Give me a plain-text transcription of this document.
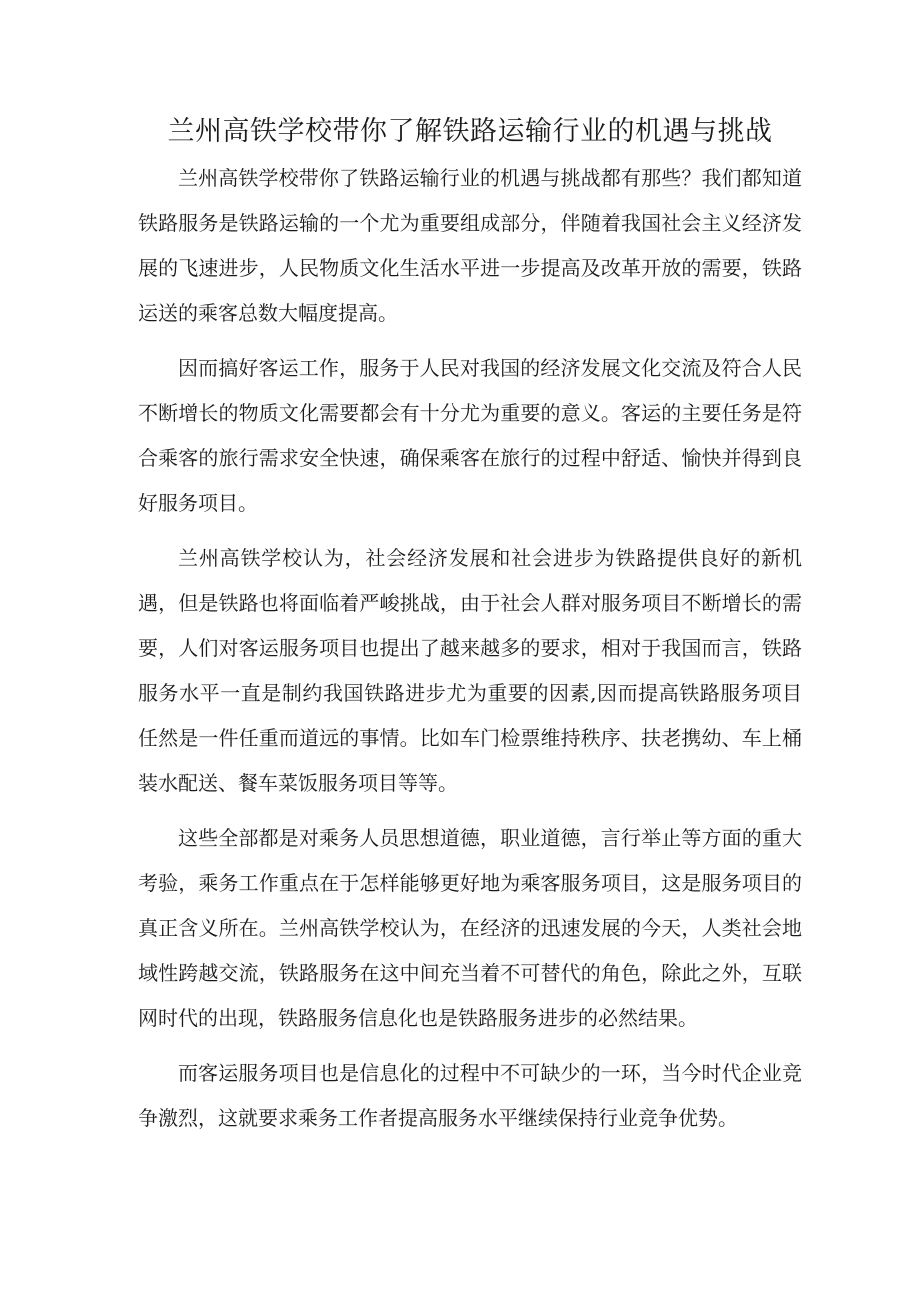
兰州高铁学校带你了解铁路运输行业的机遇与挑战

兰州高铁学校带你了铁路运输行业的机遇与挑战都有那些？我们都知道铁路服务是铁路运输的一个尤为重要组成部分，伴随着我国社会主义经济发展的飞速进步，人民物质文化生活水平进一步提高及改革开放的需要，铁路运送的乘客总数大幅度提高。

因而搞好客运工作，服务于人民对我国的经济发展文化交流及符合人民不断增长的物质文化需要都会有十分尤为重要的意义。客运的主要任务是符合乘客的旅行需求安全快速，确保乘客在旅行的过程中舒适、愉快并得到良好服务项目。

兰州高铁学校认为，社会经济发展和社会进步为铁路提供良好的新机遇，但是铁路也将面临着严峻挑战，由于社会人群对服务项目不断增长的需要，人们对客运服务项目也提出了越来越多的要求，相对于我国而言，铁路服务水平一直是制约我国铁路进步尤为重要的因素,因而提高铁路服务项目任然是一件任重而道远的事情。比如车门检票维持秩序、扶老携幼、车上桶装水配送、餐车菜饭服务项目等等。

这些全部都是对乘务人员思想道德，职业道德，言行举止等方面的重大考验，乘务工作重点在于怎样能够更好地为乘客服务项目，这是服务项目的真正含义所在。兰州高铁学校认为，在经济的迅速发展的今天，人类社会地域性跨越交流，铁路服务在这中间充当着不可替代的角色，除此之外，互联网时代的出现，铁路服务信息化也是铁路服务进步的必然结果。

而客运服务项目也是信息化的过程中不可缺少的一环，当今时代企业竞争激烈，这就要求乘务工作者提高服务水平继续保持行业竞争优势。
